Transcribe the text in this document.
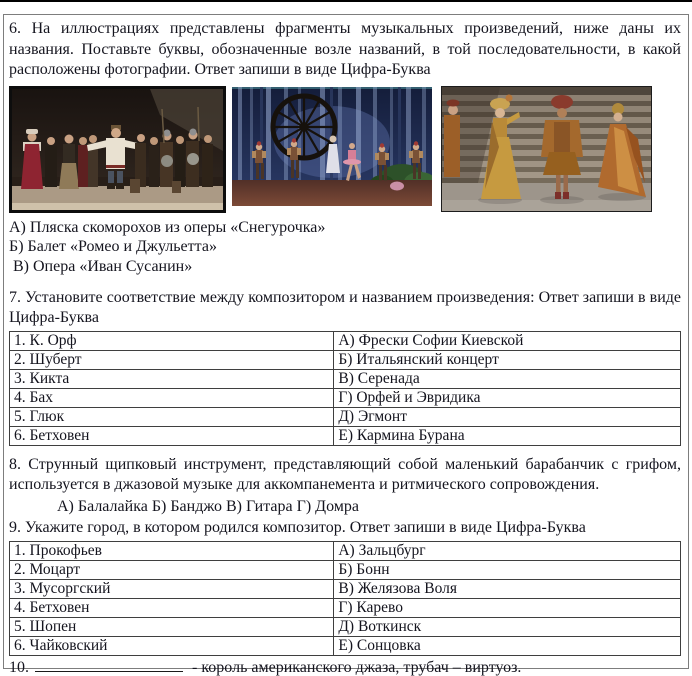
6. На иллюстрациях представлены фрагменты музыкальных произведений, ниже даны их названия. Поставьте буквы, обозначенные возле названий, в той последовательности, в какой расположены фотографии. Ответ запиши в виде Цифра-Буква

А) Пляска скоморохов из оперы «Снегурочка»

Б) Балет «Ромео и Джульетта»

В) Опера «Иван Сусанин»

7. Установите соответствие между композитором и названием произведения: Ответ запиши в виде Цифра-Буква

1. К. Орф	А) Фрески Софии Киевской
2. Шуберт	Б) Итальянский концерт
3. Кикта	В) Серенада
4. Бах	Г) Орфей и Эвридика
5. Глюк	Д) Эгмонт
6. Бетховен	Е) Кармина Бурана

8. Струнный щипковый инструмент, представляющий собой маленький барабанчик с грифом, используется в джазовой музыке для аккомпанемента и ритмического сопровождения.

А) Балалайка Б) Банджо В) Гитара Г) Домра

9. Укажите город, в котором родился композитор. Ответ запиши в виде Цифра-Буква

1. Прокофьев	А) Зальцбург
2. Моцарт	Б) Бонн
3. Мусоргский	В) Желязова Воля
4. Бетховен	Г) Карево
5. Шопен	Д) Воткинск
6. Чайковский	Е) Сонцовка

10.	- король американского джаза, трубач – виртуоз.
